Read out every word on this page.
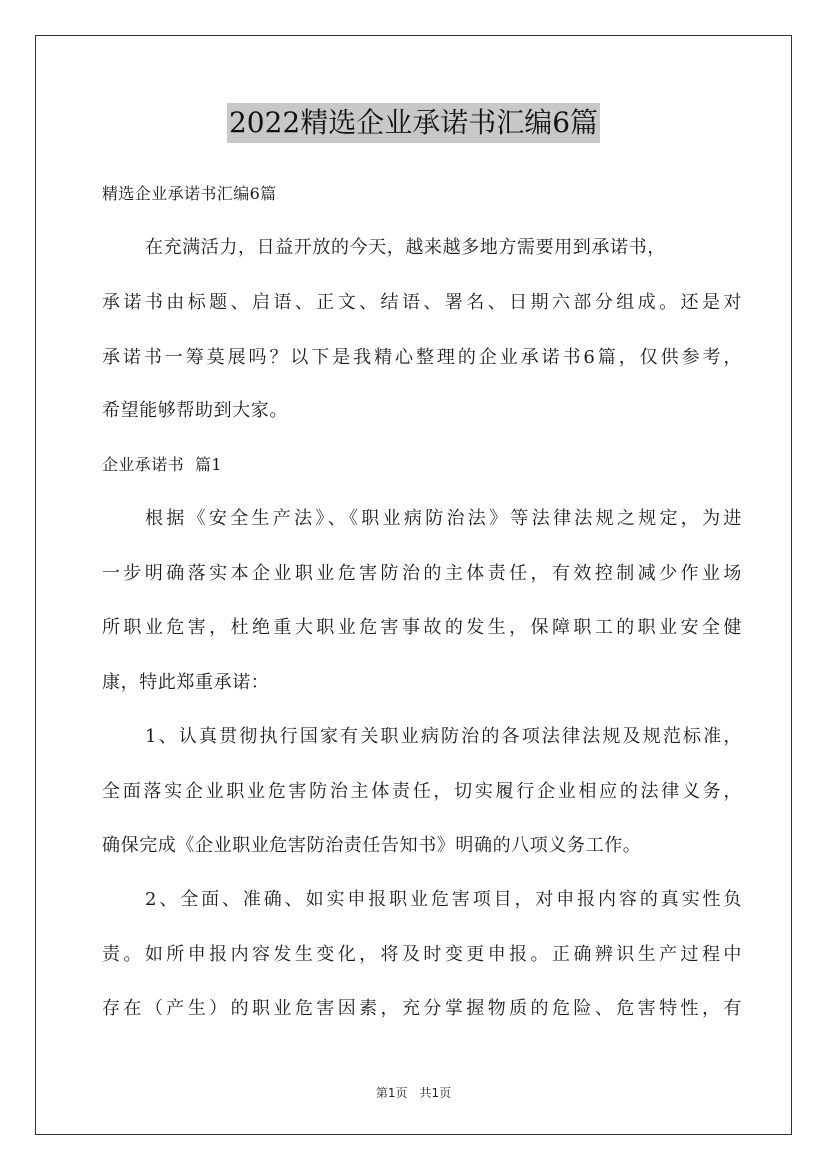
2022精选企业承诺书汇编6篇
精选企业承诺书汇编6篇
在充满活力，日益开放的今天，越来越多地方需要用到承诺书，
承诺书由标题、启语、正文、结语、署名、日期六部分组成。还是对
承诺书一筹莫展吗？以下是我精心整理的企业承诺书6篇，仅供参考，
希望能够帮助到大家。
企业承诺书  篇1
根据《安全生产法》、《职业病防治法》等法律法规之规定，为进
一步明确落实本企业职业危害防治的主体责任，有效控制减少作业场
所职业危害，杜绝重大职业危害事故的发生，保障职工的职业安全健
康，特此郑重承诺：
1、认真贯彻执行国家有关职业病防治的各项法律法规及规范标准，
全面落实企业职业危害防治主体责任，切实履行企业相应的法律义务，
确保完成《企业职业危害防治责任告知书》明确的八项义务工作。
2、全面、准确、如实申报职业危害项目，对申报内容的真实性负
责。如所申报内容发生变化，将及时变更申报。正确辨识生产过程中
存在（产生）的职业危害因素，充分掌握物质的危险、危害特性，有
第1页 共1页
